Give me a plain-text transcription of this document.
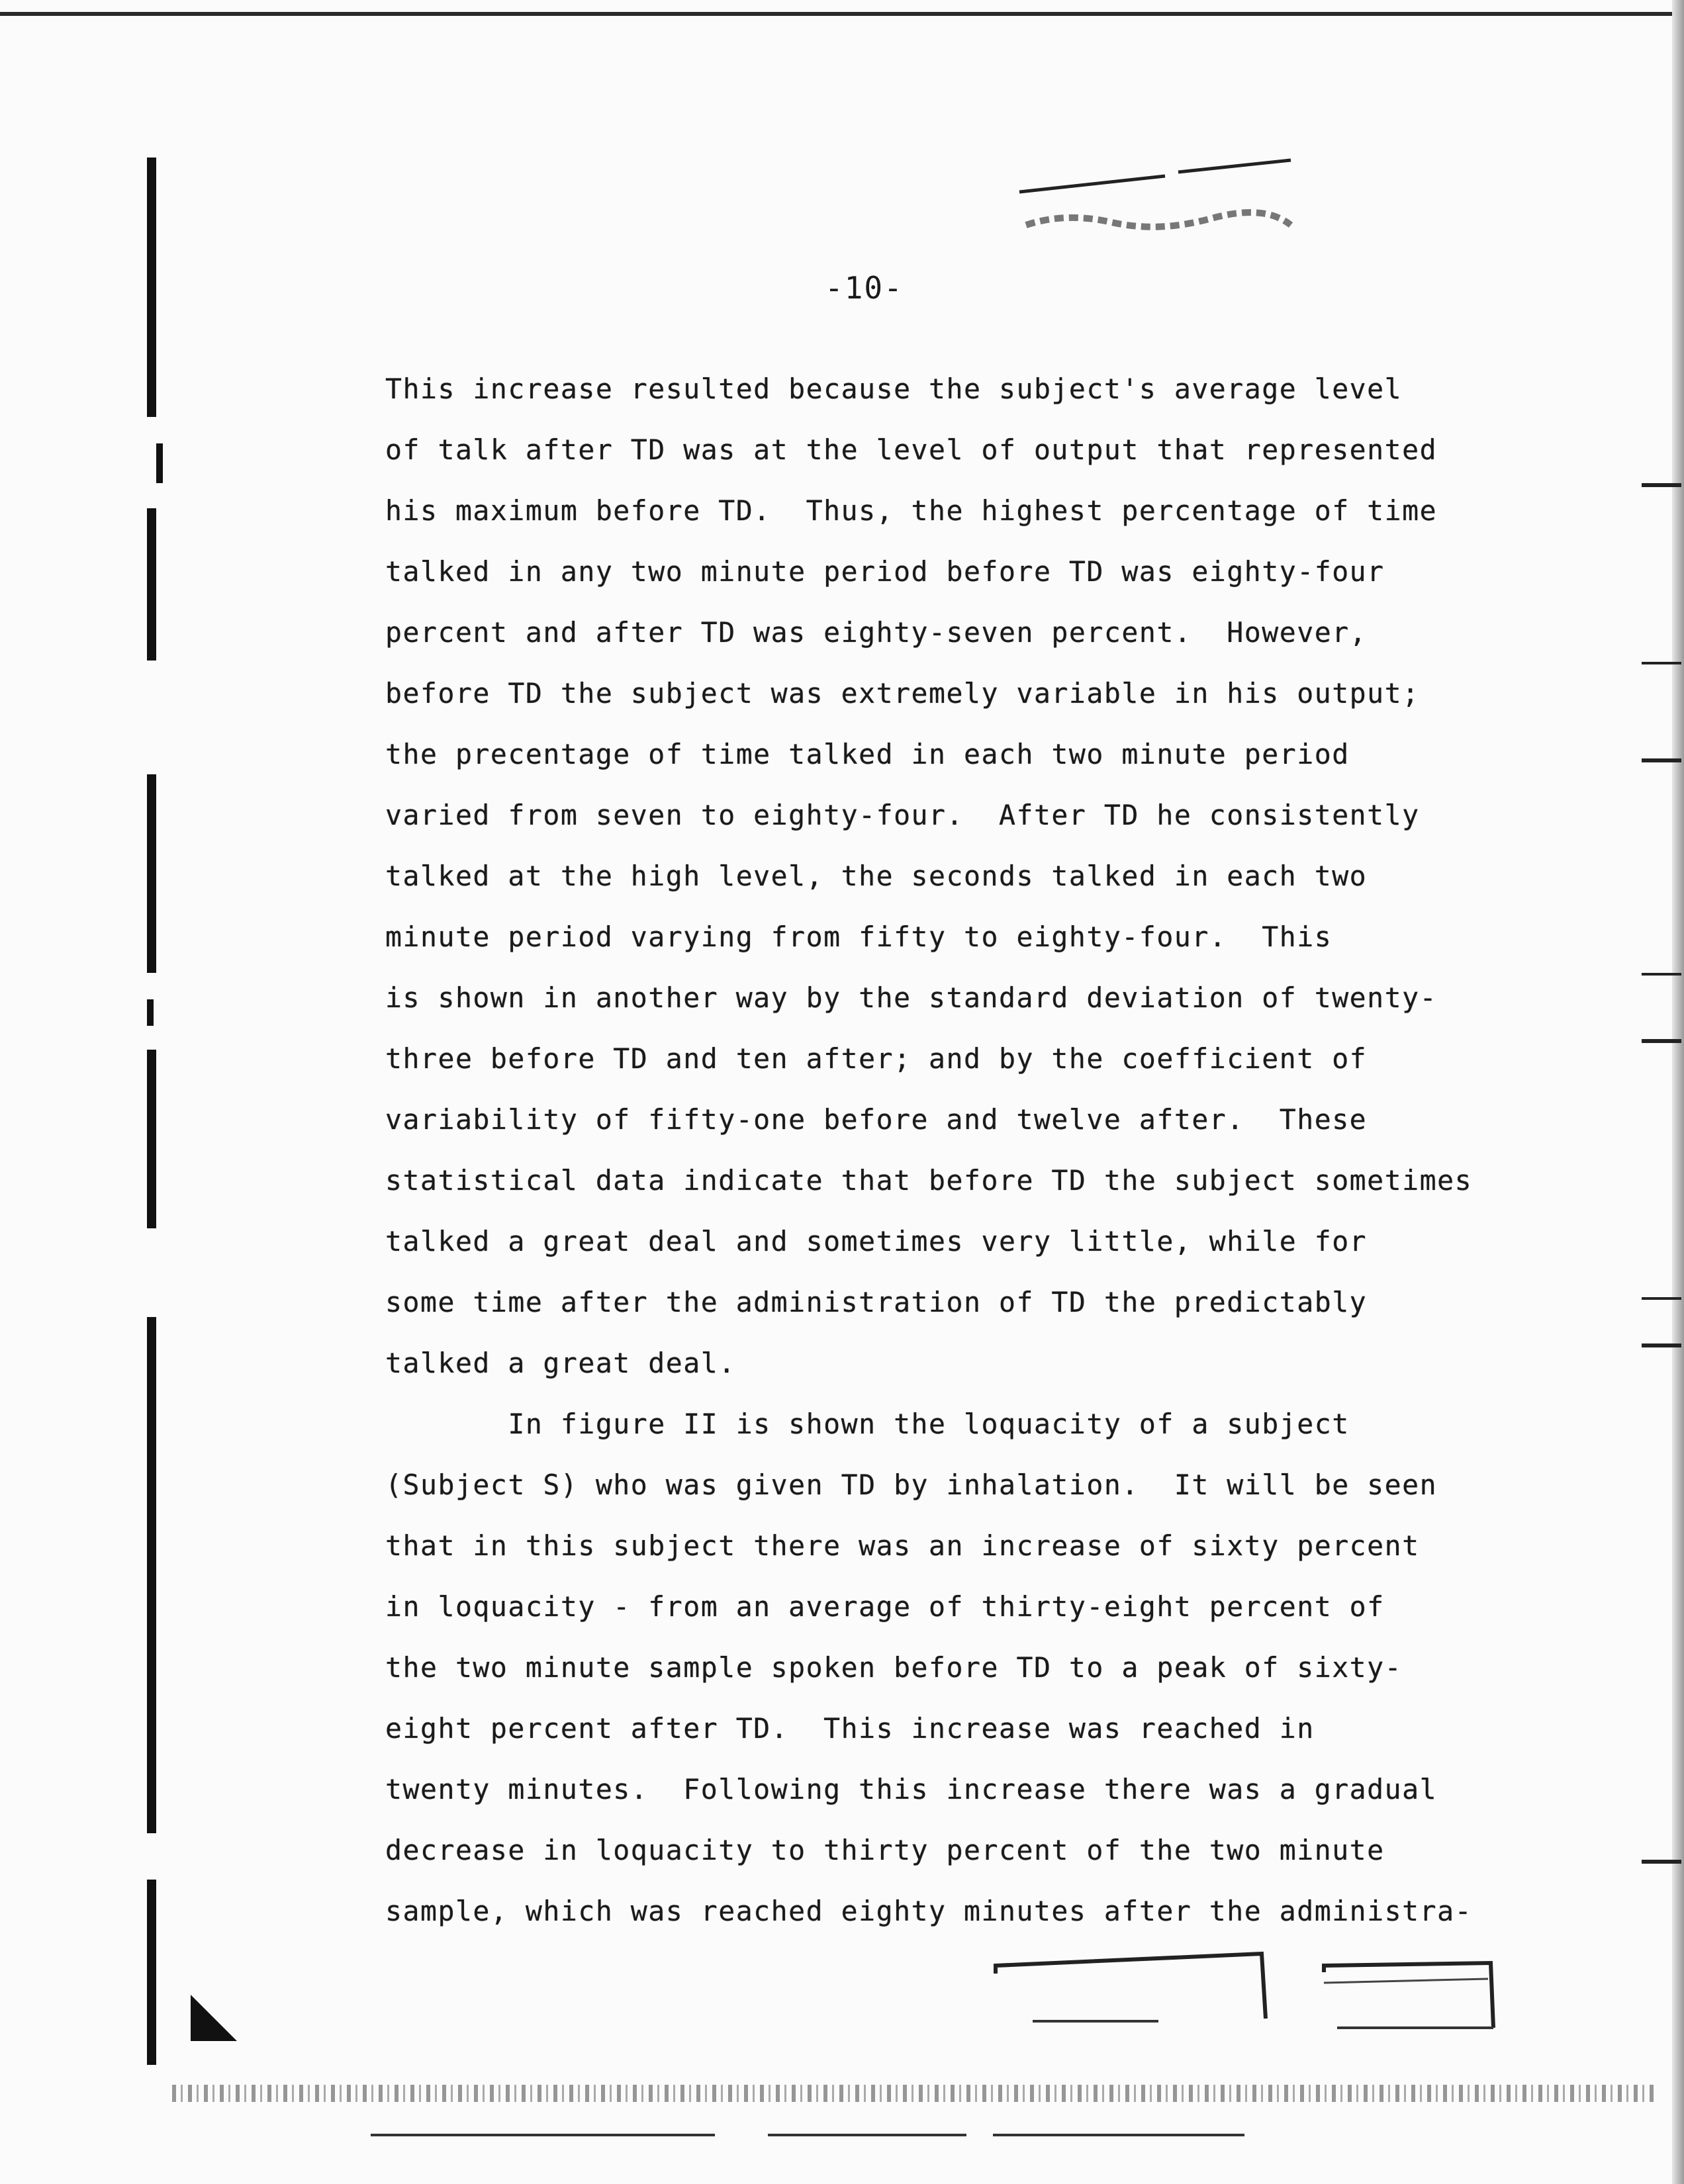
-10-
This increase resulted because the subject's average level
of talk after TD was at the level of output that represented
his maximum before TD.  Thus, the highest percentage of time
talked in any two minute period before TD was eighty-four
percent and after TD was eighty-seven percent.  However,
before TD the subject was extremely variable in his output;
the precentage of time talked in each two minute period
varied from seven to eighty-four.  After TD he consistently
talked at the high level, the seconds talked in each two
minute period varying from fifty to eighty-four.  This
is shown in another way by the standard deviation of twenty-
three before TD and ten after; and by the coefficient of
variability of fifty-one before and twelve after.  These
statistical data indicate that before TD the subject sometimes
talked a great deal and sometimes very little, while for
some time after the administration of TD the predictably
talked a great deal.
In figure II is shown the loquacity of a subject
(Subject S) who was given TD by inhalation.  It will be seen
that in this subject there was an increase of sixty percent
in loquacity - from an average of thirty-eight percent of
the two minute sample spoken before TD to a peak of sixty-
eight percent after TD.  This increase was reached in
twenty minutes.  Following this increase there was a gradual
decrease in loquacity to thirty percent of the two minute
sample, which was reached eighty minutes after the administra-
